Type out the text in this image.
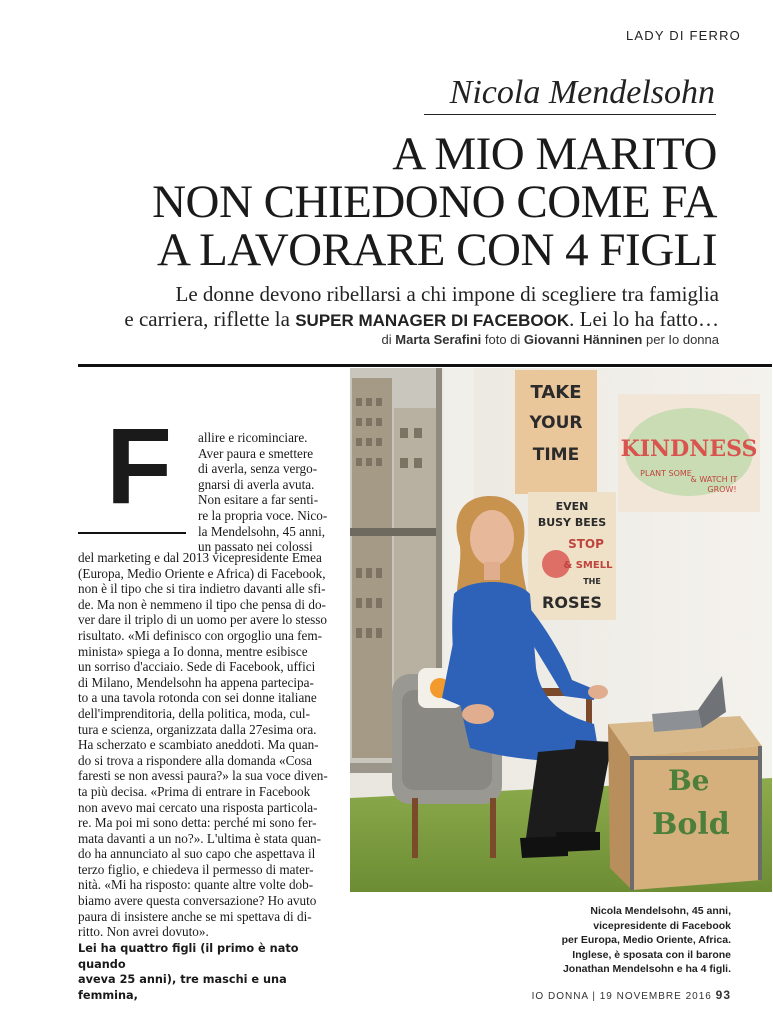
LADY DI FERRO
Nicola Mendelsohn
A MIO MARITO
NON CHIEDONO COME FA
A LAVORARE CON 4 FIGLI
Le donne devono ribellarsi a chi impone di scegliere tra famiglia
e carriera, riflette la SUPER MANAGER DI FACEBOOK. Lei lo ha fatto…
di Marta Serafini foto di Giovanni Hänninen per Io donna
F allire e ricominciare.
Aver paura e smettere
di averla, senza vergo-
gnarsi di averla avuta.
Non esitare a far senti-
re la propria voce. Nico-
la Mendelsohn, 45 anni,
un passato nei colossi
del marketing e dal 2013 vicepresidente Emea
(Europa, Medio Oriente e Africa) di Facebook,
non è il tipo che si tira indietro davanti alle sfi-
de. Ma non è nemmeno il tipo che pensa di do-
ver dare il triplo di un uomo per avere lo stesso
risultato. «Mi definisco con orgoglio una fem-
minista» spiega a Io donna, mentre esibisce
un sorriso d'acciaio. Sede di Facebook, uffici
di Milano, Mendelsohn ha appena partecipa-
to a una tavola rotonda con sei donne italiane
dell'imprenditoria, della politica, moda, cul-
tura e scienza, organizzata dalla 27esima ora.
Ha scherzato e scambiato aneddoti. Ma quan-
do si trova a rispondere alla domanda «Cosa
faresti se non avessi paura?» la sua voce diven-
ta più decisa. «Prima di entrare in Facebook
non avevo mai cercato una risposta particola-
re. Ma poi mi sono detta: perché mi sono fer-
mata davanti a un no?». L'ultima è stata quan-
do ha annunciato al suo capo che aspettava il
terzo figlio, e chiedeva il permesso di mater-
nità. «Mi ha risposto: quante altre volte dob-
biamo avere questa conversazione? Ho avuto
paura di insistere anche se mi spettava di di-
ritto. Non avrei dovuto».
Lei ha quattro figli (il primo è nato quando
aveva 25 anni), tre maschi e una femmina,
TAKE
YOUR
TIME KINDNESS
PLANT SOME
& WATCH IT
GROW!
EVEN
BUSY BEES
STOP
& SMELL
THE
ROSES
Be
Bold
Nicola Mendelsohn, 45 anni,
vicepresidente di Facebook
per Europa, Medio Oriente, Africa.
Inglese, è sposata con il barone
Jonathan Mendelsohn e ha 4 figli.
IO DONNA | 19 NOVEMBRE 2016 93
